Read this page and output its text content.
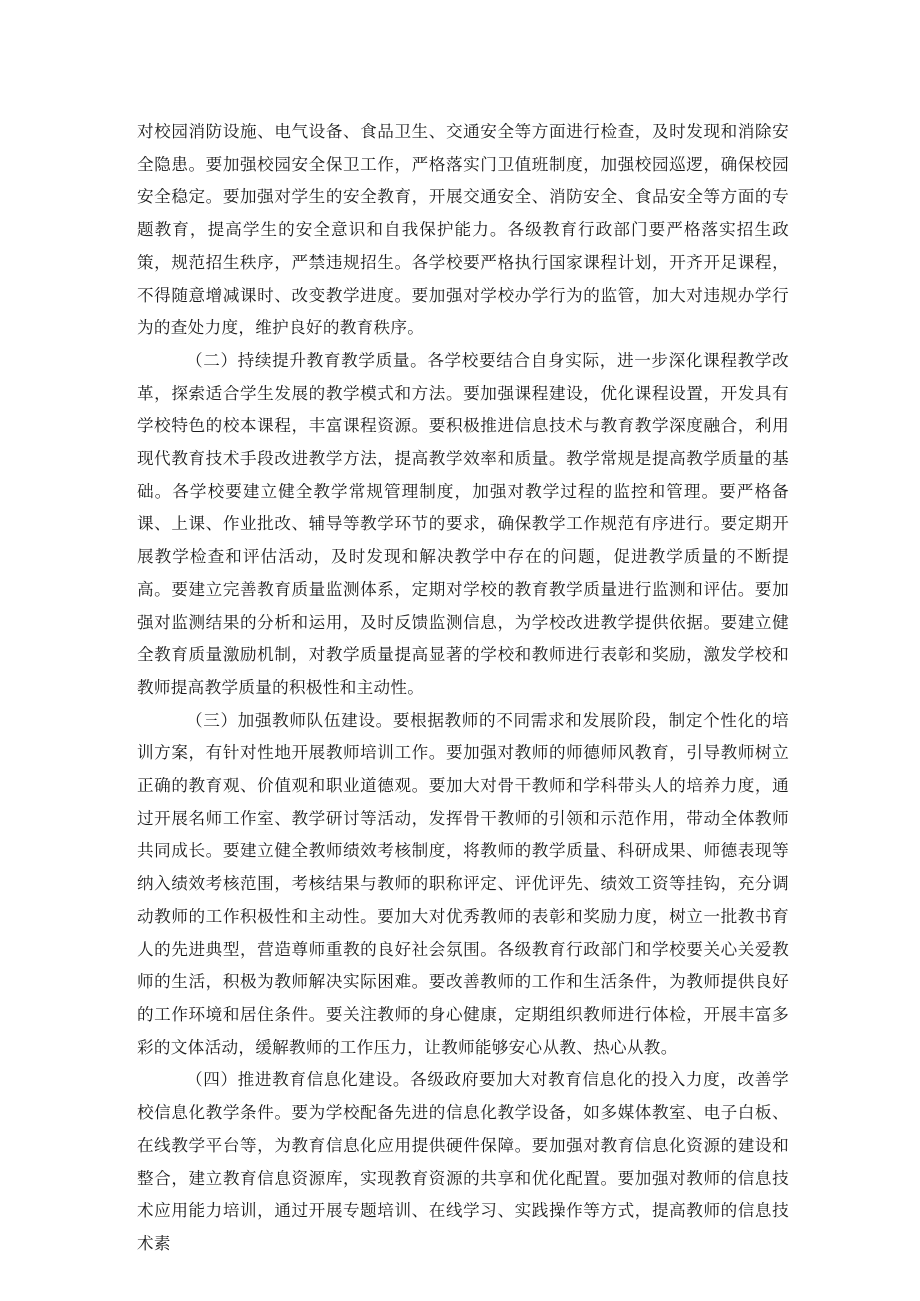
对校园消防设施、电气设备、食品卫生、交通安全等方面进行检查，及时发现和消除安全隐患。要加强校园安全保卫工作，严格落实门卫值班制度，加强校园巡逻，确保校园安全稳定。要加强对学生的安全教育，开展交通安全、消防安全、食品安全等方面的专题教育，提高学生的安全意识和自我保护能力。各级教育行政部门要严格落实招生政策，规范招生秩序，严禁违规招生。各学校要严格执行国家课程计划，开齐开足课程，不得随意增减课时、改变教学进度。要加强对学校办学行为的监管，加大对违规办学行为的查处力度，维护良好的教育秩序。

（二）持续提升教育教学质量。各学校要结合自身实际，进一步深化课程教学改革，探索适合学生发展的教学模式和方法。要加强课程建设，优化课程设置，开发具有学校特色的校本课程，丰富课程资源。要积极推进信息技术与教育教学深度融合，利用现代教育技术手段改进教学方法，提高教学效率和质量。教学常规是提高教学质量的基础。各学校要建立健全教学常规管理制度，加强对教学过程的监控和管理。要严格备课、上课、作业批改、辅导等教学环节的要求，确保教学工作规范有序进行。要定期开展教学检查和评估活动，及时发现和解决教学中存在的问题，促进教学质量的不断提高。要建立完善教育质量监测体系，定期对学校的教育教学质量进行监测和评估。要加强对监测结果的分析和运用，及时反馈监测信息，为学校改进教学提供依据。要建立健全教育质量激励机制，对教学质量提高显著的学校和教师进行表彰和奖励，激发学校和教师提高教学质量的积极性和主动性。

（三）加强教师队伍建设。要根据教师的不同需求和发展阶段，制定个性化的培训方案，有针对性地开展教师培训工作。要加强对教师的师德师风教育，引导教师树立正确的教育观、价值观和职业道德观。要加大对骨干教师和学科带头人的培养力度，通过开展名师工作室、教学研讨等活动，发挥骨干教师的引领和示范作用，带动全体教师共同成长。要建立健全教师绩效考核制度，将教师的教学质量、科研成果、师德表现等纳入绩效考核范围，考核结果与教师的职称评定、评优评先、绩效工资等挂钩，充分调动教师的工作积极性和主动性。要加大对优秀教师的表彰和奖励力度，树立一批教书育人的先进典型，营造尊师重教的良好社会氛围。各级教育行政部门和学校要关心关爱教师的生活，积极为教师解决实际困难。要改善教师的工作和生活条件，为教师提供良好的工作环境和居住条件。要关注教师的身心健康，定期组织教师进行体检，开展丰富多彩的文体活动，缓解教师的工作压力，让教师能够安心从教、热心从教。

（四）推进教育信息化建设。各级政府要加大对教育信息化的投入力度，改善学校信息化教学条件。要为学校配备先进的信息化教学设备，如多媒体教室、电子白板、在线教学平台等，为教育信息化应用提供硬件保障。要加强对教育信息化资源的建设和整合，建立教育信息资源库，实现教育资源的共享和优化配置。要加强对教师的信息技术应用能力培训，通过开展专题培训、在线学习、实践操作等方式，提高教师的信息技术素
